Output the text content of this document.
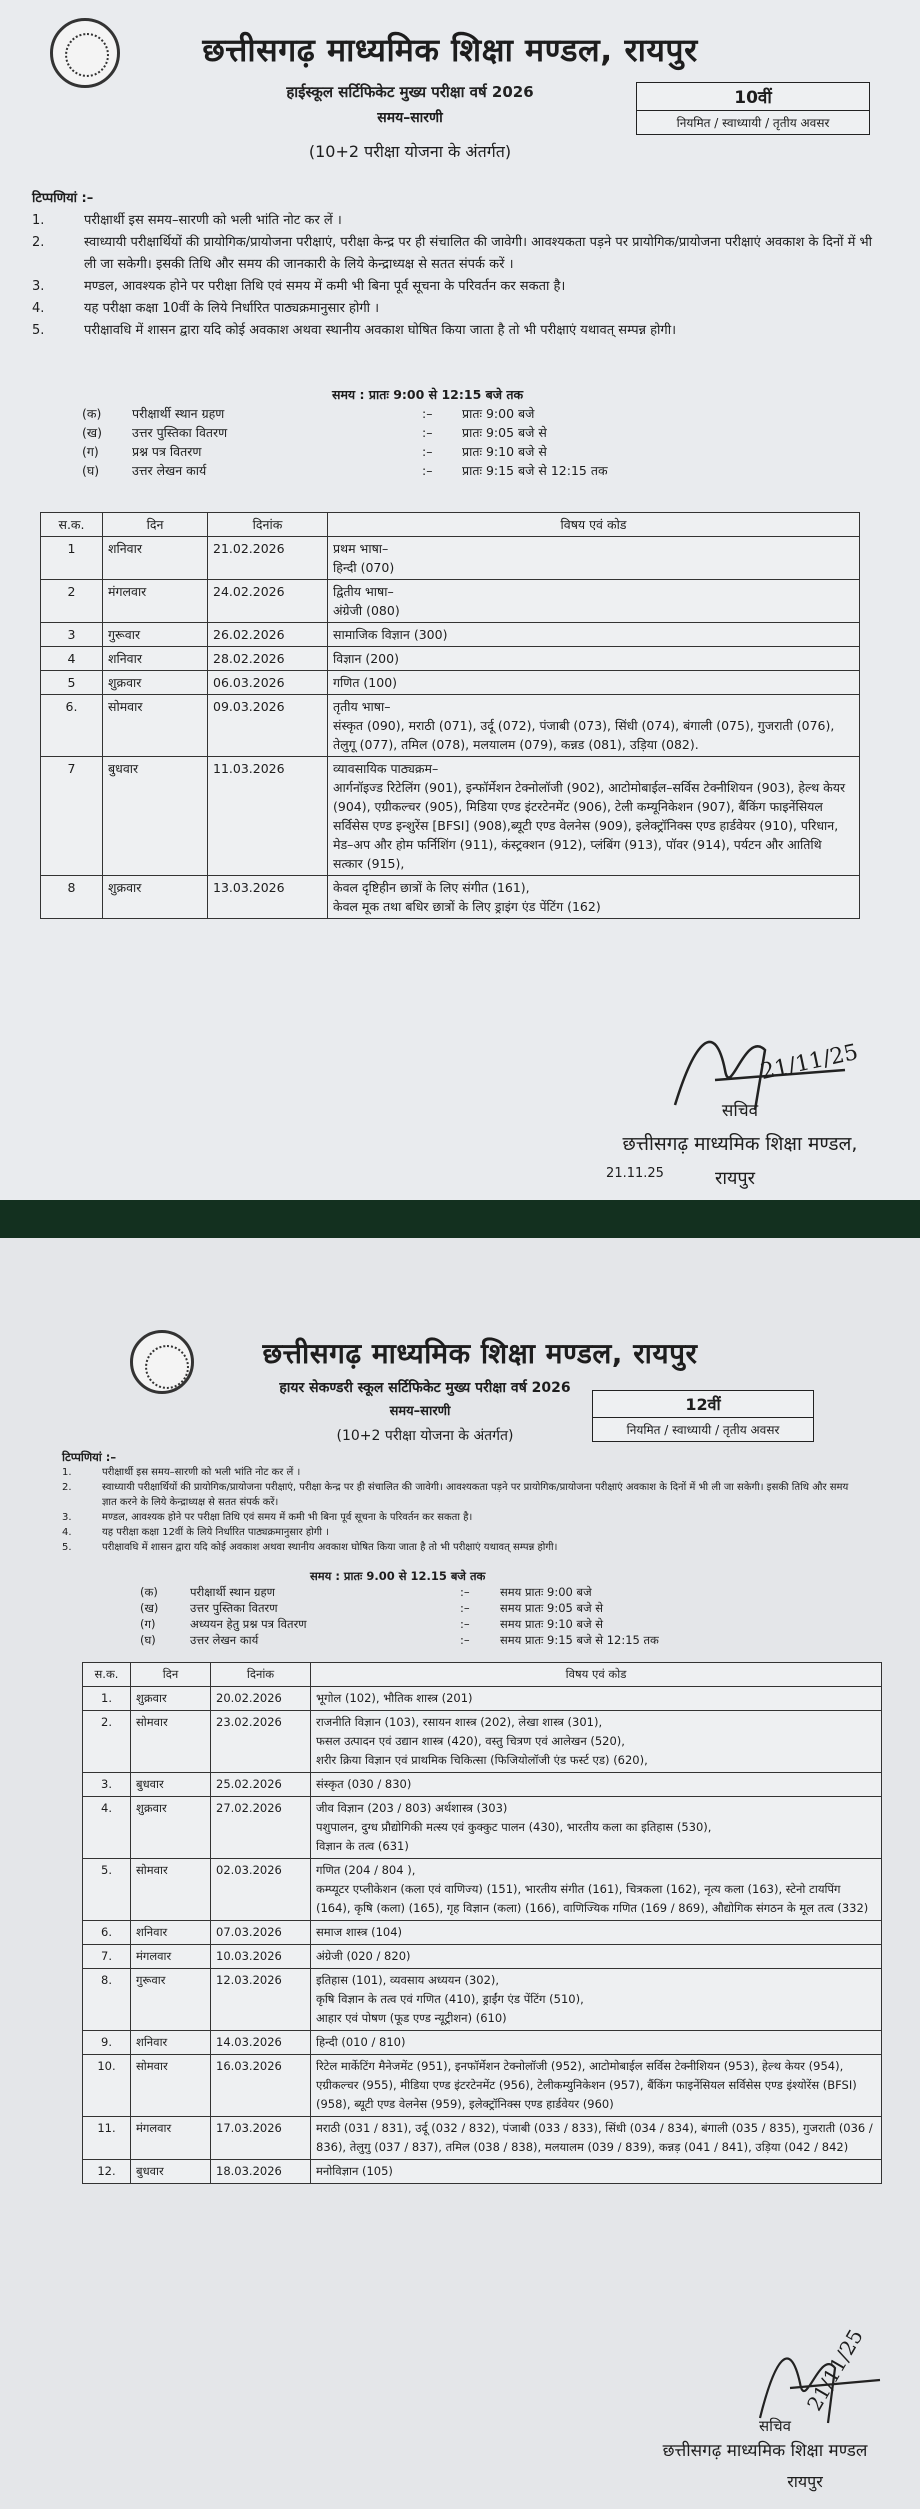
छत्तीसगढ़ माध्यमिक शिक्षा मण्डल, रायपुर
हाईस्कूल सर्टिफिकेट मुख्य परीक्षा वर्ष 2026
समय–सारणी
(10+2 परीक्षा योजना के अंतर्गत)
10वीं
नियमित / स्वाध्यायी / तृतीय अवसर
टिप्पणियां :–
1.	परीक्षार्थी इस समय–सारणी को भली भांति नोट कर लें ।
2.	स्वाध्यायी परीक्षार्थियों की प्रायोगिक/प्रायोजना परीक्षाएं, परीक्षा केन्द्र पर ही संचालित की जावेगी। आवश्यकता पड़ने पर प्रायोगिक/प्रायोजना परीक्षाएं अवकाश के दिनों में भी ली जा सकेगी। इसकी तिथि और समय की जानकारी के लिये केन्द्राध्यक्ष से सतत संपर्क करें ।
3.	मण्डल, आवश्यक होने पर परीक्षा तिथि एवं समय में कमी भी बिना पूर्व सूचना के परिवर्तन कर सकता है।
4.	यह परीक्षा कक्षा 10वीं के लिये निर्धारित पाठ्यक्रमानुसार होगी ।
5.	परीक्षावधि में शासन द्वारा यदि कोई अवकाश अथवा स्थानीय अवकाश घोषित किया जाता है तो भी परीक्षाएं यथावत् सम्पन्न होगी।
समय : प्रातः 9:00 से 12:15 बजे तक
(क)	परीक्षार्थी स्थान ग्रहण	:–	प्रातः 9:00 बजे
(ख)	उत्तर पुस्तिका वितरण	:–	प्रातः 9:05 बजे से
(ग)	प्रश्न पत्र वितरण	:–	प्रातः 9:10 बजे से
(घ)	उत्तर लेखन कार्य	:–	प्रातः 9:15 बजे से 12:15 तक
स.क.	दिन	दिनांक	विषय एवं कोड
1	शनिवार	21.02.2026	प्रथम भाषा–
हिन्दी (070)
2	मंगलवार	24.02.2026	द्वितीय भाषा–
अंग्रेजी (080)
3	गुरूवार	26.02.2026	सामाजिक विज्ञान (300)
4	शनिवार	28.02.2026	विज्ञान (200)
5	शुक्रवार	06.03.2026	गणित (100)
6.	सोमवार	09.03.2026	तृतीय भाषा–
संस्कृत (090), मराठी (071), उर्दू (072), पंजाबी (073), सिंधी (074), बंगाली (075), गुजराती (076), तेलुगू (077), तमिल (078), मलयालम (079), कन्नड (081), उड़िया (082).
7	बुधवार	11.03.2026	व्यावसायिक पाठ्यक्रम–
आर्गनॉइज्ड रिटेलिंग (901), इन्फॉर्मेशन टेक्नोलॉजी (902), आटोमोबाईल–सर्विस टेक्नीशियन (903), हेल्थ केयर (904), एग्रीकल्चर (905), मिडिया एण्ड इंटरटेनमेंट (906), टेली कम्यूनिकेशन (907), बैंकिंग फाइनेंसियल सर्विसेस एण्ड इन्शुरेंस [BFSI] (908),ब्यूटी एण्ड वेलनेस (909), इलेक्ट्रॉनिक्स एण्ड हार्डवेयर (910), परिधान, मेड–अप और होम फर्निशिंग (911), कंस्ट्रक्शन (912), प्लंबिंग (913), पॉवर (914), पर्यटन और आतिथि सत्कार (915),
8	शुक्रवार	13.03.2026	केवल दृष्टिहीन छात्रों के लिए संगीत (161),
केवल मूक तथा बधिर छात्रों के लिए ड्राइंग एंड पेंटिंग (162)
21/11/25
सचिव
छत्तीसगढ़ माध्यमिक शिक्षा मण्डल,
21.11.25	रायपुर
छत्तीसगढ़ माध्यमिक शिक्षा मण्डल, रायपुर
हायर सेकण्डरी स्कूल सर्टिफिकेट मुख्य परीक्षा वर्ष 2026
समय–सारणी
(10+2 परीक्षा योजना के अंतर्गत)
12वीं
नियमित / स्वाध्यायी / तृतीय अवसर
टिप्पणियां :–
1.	परीक्षार्थी इस समय–सारणी को भली भांति नोट कर लें ।
2.	स्वाध्यायी परीक्षार्थियों की प्रायोगिक/प्रायोजना परीक्षाएं, परीक्षा केन्द्र पर ही संचालित की जावेगी। आवश्यकता पड़ने पर प्रायोगिक/प्रायोजना परीक्षाएं अवकाश के दिनों में भी ली जा सकेगी। इसकी तिथि और समय ज्ञात करने के लिये केन्द्राध्यक्ष से सतत संपर्क करें।
3.	मण्डल, आवश्यक होने पर परीक्षा तिथि एवं समय में कमी भी बिना पूर्व सूचना के परिवर्तन कर सकता है।
4.	यह परीक्षा कक्षा 12वीं के लिये निर्धारित पाठ्यक्रमानुसार होगी ।
5.	परीक्षावधि में शासन द्वारा यदि कोई अवकाश अथवा स्थानीय अवकाश घोषित किया जाता है तो भी परीक्षाएं यथावत् सम्पन्न होगी।
समय : प्रातः 9.00 से 12.15 बजे तक
(क)	परीक्षार्थी स्थान ग्रहण	:–	समय प्रातः 9:00 बजे
(ख)	उत्तर पुस्तिका वितरण	:–	समय प्रातः 9:05 बजे से
(ग)	अध्ययन हेतु प्रश्न पत्र वितरण	:–	समय प्रातः 9:10 बजे से
(घ)	उत्तर लेखन कार्य	:–	समय प्रातः 9:15 बजे से 12:15 तक
स.क.	दिन	दिनांक	विषय एवं कोड
1.	शुक्रवार	20.02.2026	भूगोल (102), भौतिक शास्त्र (201)
2.	सोमवार	23.02.2026	राजनीति विज्ञान (103), रसायन शास्त्र (202), लेखा शास्त्र (301),
फसल उत्पादन एवं उद्यान शास्त्र (420), वस्तु चित्रण एवं आलेखन (520),
शरीर क्रिया विज्ञान एवं प्राथमिक चिकित्सा (फिजियोलॉजी एंड फर्स्ट एड) (620),
3.	बुधवार	25.02.2026	संस्कृत (030 / 830)
4.	शुक्रवार	27.02.2026	जीव विज्ञान (203 / 803) अर्थशास्त्र (303)
पशुपालन, दुग्ध प्रौद्योगिकी मत्स्य एवं कुक्कुट पालन (430), भारतीय कला का इतिहास (530),
विज्ञान के तत्व (631)
5.	सोमवार	02.03.2026	गणित (204 / 804 ),
कम्प्यूटर एप्लीकेशन (कला एवं वाणिज्य) (151), भारतीय संगीत (161), चित्रकला (162), नृत्य कला (163), स्टेनो टायपिंग (164), कृषि (कला) (165), गृह विज्ञान (कला) (166), वाणिज्यिक गणित (169 / 869), औद्योगिक संगठन के मूल तत्व (332)
6.	शनिवार	07.03.2026	समाज शास्त्र (104)
7.	मंगलवार	10.03.2026	अंग्रेजी (020 / 820)
8.	गुरूवार	12.03.2026	इतिहास (101), व्यवसाय अध्ययन (302),
कृषि विज्ञान के तत्व एवं गणित (410), ड्राईंग एंड पेंटिंग (510),
आहार एवं पोषण (फूड एण्ड न्यूट्रीशन) (610)
9.	शनिवार	14.03.2026	हिन्दी (010 / 810)
10.	सोमवार	16.03.2026	रिटेल मार्केटिंग मैनेजमेंट (951), इनफॉर्मेशन टेक्नोलॉजी (952), आटोमोबाईल सर्विस टेक्नीशियन (953), हेल्थ केयर (954), एग्रीकल्चर (955), मीडिया एण्ड इंटरटेनमेंट (956), टेलीकम्युनिकेशन (957), बैंकिंग फाइनेंसियल सर्विसेस एण्ड इंश्योरेंस (BFSI) (958), ब्यूटी एण्ड वेलनेस (959), इलेक्ट्रॉनिक्स एण्ड हार्डवेयर (960)
11.	मंगलवार	17.03.2026	मराठी (031 / 831), उर्दू (032 / 832), पंजाबी (033 / 833), सिंधी (034 / 834), बंगाली (035 / 835), गुजराती (036 / 836), तेलुगु (037 / 837), तमिल (038 / 838), मलयालम (039 / 839), कन्नड़ (041 / 841), उड़िया (042 / 842)
12.	बुधवार	18.03.2026	मनोविज्ञान (105)
21/11/25
सचिव
छत्तीसगढ़ माध्यमिक शिक्षा मण्डल
रायपुर
